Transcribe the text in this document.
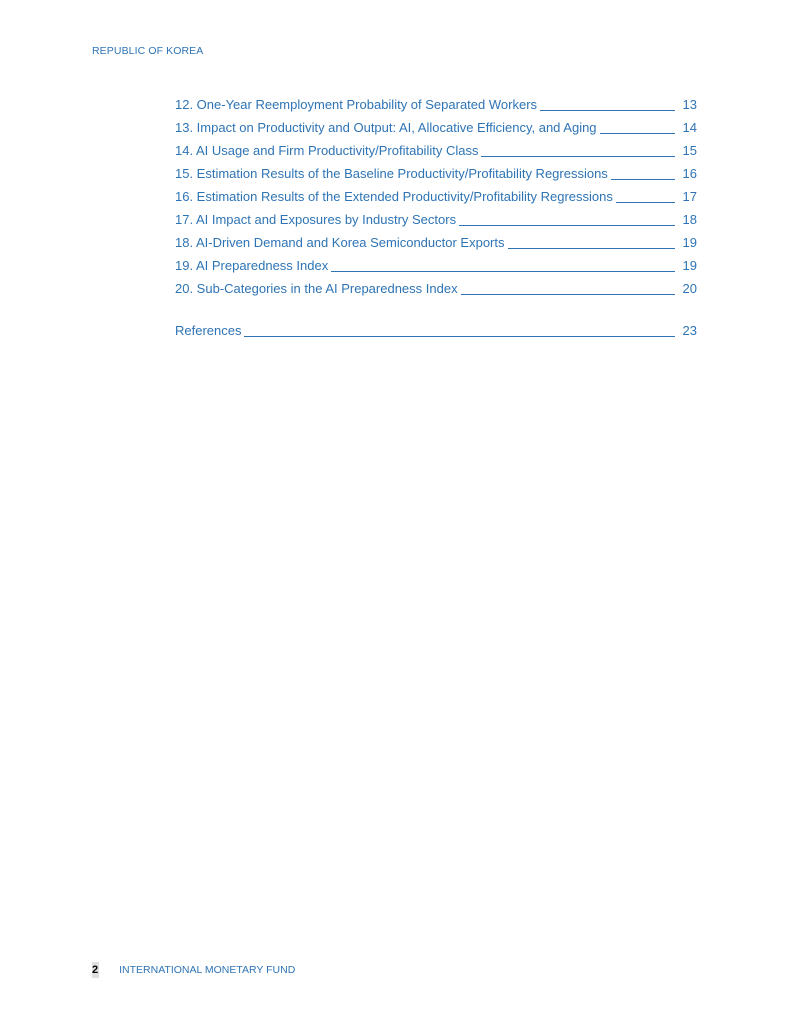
REPUBLIC OF KOREA
12. One-Year Reemployment Probability of Separated Workers	13
13. Impact on Productivity and Output: AI, Allocative Efficiency, and Aging	14
14. AI Usage and Firm Productivity/Profitability Class	15
15. Estimation Results of the Baseline Productivity/Profitability Regressions	16
16. Estimation Results of the Extended Productivity/Profitability Regressions	17
17. AI Impact and Exposures by Industry Sectors	18
18. AI-Driven Demand and Korea Semiconductor Exports	19
19. AI Preparedness Index	19
20. Sub-Categories in the AI Preparedness Index	20
References	23
2 INTERNATIONAL MONETARY FUND
